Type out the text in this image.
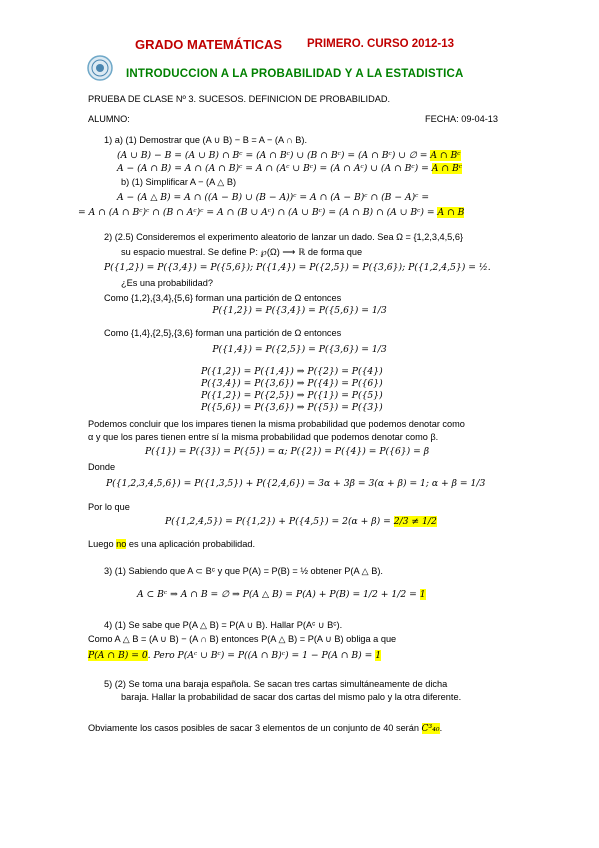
GRADO MATEMÁTICAS PRIMERO. CURSO 2012-13
INTRODUCCION A LA PROBABILIDAD Y A LA ESTADISTICA
PRUEBA DE CLASE Nº 3. SUCESOS. DEFINICION DE PROBABILIDAD.
ALUMNO:	FECHA: 09-04-13
1) a) (1) Demostrar que (A ∪ B) − B = A − (A ∩ B).
(A ∪ B) − B = (A ∪ B) ∩ Bᶜ = (A ∩ Bᶜ) ∪ (B ∩ Bᶜ) = (A ∩ Bᶜ) ∪ ∅ = A ∩ Bᶜ
A − (A ∩ B) = A ∩ (A ∩ B)ᶜ = A ∩ (Aᶜ ∪ Bᶜ) = (A ∩ Aᶜ) ∪ (A ∩ Bᶜ) = A ∩ Bᶜ
b) (1) Simplificar A − (A △ B)
A − (A △ B) = A ∩ ((A − B) ∪ (B − A))ᶜ = A ∩ (A − B)ᶜ ∩ (B − A)ᶜ =
= A ∩ (A ∩ Bᶜ)ᶜ ∩ (B ∩ Aᶜ)ᶜ = A ∩ (B ∪ Aᶜ) ∩ (A ∪ Bᶜ) = (A ∩ B) ∩ (A ∪ Bᶜ) = A ∩ B
2) (2.5) Consideremos el experimento aleatorio de lanzar un dado. Sea Ω = {1,2,3,4,5,6}
su espacio muestral. Se define P: ℘(Ω) ⟶ ℝ de forma que
P({1,2}) = P({3,4}) = P({5,6}); P({1,4}) = P({2,5}) = P({3,6}); P({1,2,4,5}) = ½.
¿Es una probabilidad?
Como {1,2},{3,4},{5,6} forman una partición de Ω entonces
P({1,2}) = P({3,4}) = P({5,6}) = 1/3
Como {1,4},{2,5},{3,6} forman una partición de Ω entonces
P({1,4}) = P({2,5}) = P({3,6}) = 1/3
P({1,2}) = P({1,4}) ⇒ P({2}) = P({4})
P({3,4}) = P({3,6}) ⇒ P({4}) = P({6})
P({1,2}) = P({2,5}) ⇒ P({1}) = P({5})
P({5,6}) = P({3,6}) ⇒ P({5}) = P({3})
Podemos concluir que los impares tienen la misma probabilidad que podemos denotar como
α y que los pares tienen entre sí la misma probabilidad que podemos denotar como β.
P({1}) = P({3}) = P({5}) = α; P({2}) = P({4}) = P({6}) = β
Donde
P({1,2,3,4,5,6}) = P({1,3,5}) + P({2,4,6}) = 3α + 3β = 3(α + β) = 1; α + β = 1/3
Por lo que
P({1,2,4,5}) = P({1,2}) + P({4,5}) = 2(α + β) = 2/3 ≠ 1/2
Luego no es una aplicación probabilidad.
3) (1) Sabiendo que A ⊂ Bᶜ y que P(A) = P(B) = ½ obtener P(A △ B).
A ⊂ Bᶜ ⇒ A ∩ B = ∅ ⇒ P(A △ B) = P(A) + P(B) = 1/2 + 1/2 = 1
4) (1) Se sabe que P(A △ B) = P(A ∪ B). Hallar P(Aᶜ ∪ Bᶜ).
Como A △ B = (A ∪ B) − (A ∩ B) entonces P(A △ B) = P(A ∪ B) obliga a que
P(A ∩ B) = 0. Pero P(Aᶜ ∪ Bᶜ) = P((A ∩ B)ᶜ) = 1 − P(A ∩ B) = 1
5) (2) Se toma una baraja española. Se sacan tres cartas simultáneamente de dicha
baraja. Hallar la probabilidad de sacar dos cartas del mismo palo y la otra diferente.
Obviamente los casos posibles de sacar 3 elementos de un conjunto de 40 serán C³₄₀.
